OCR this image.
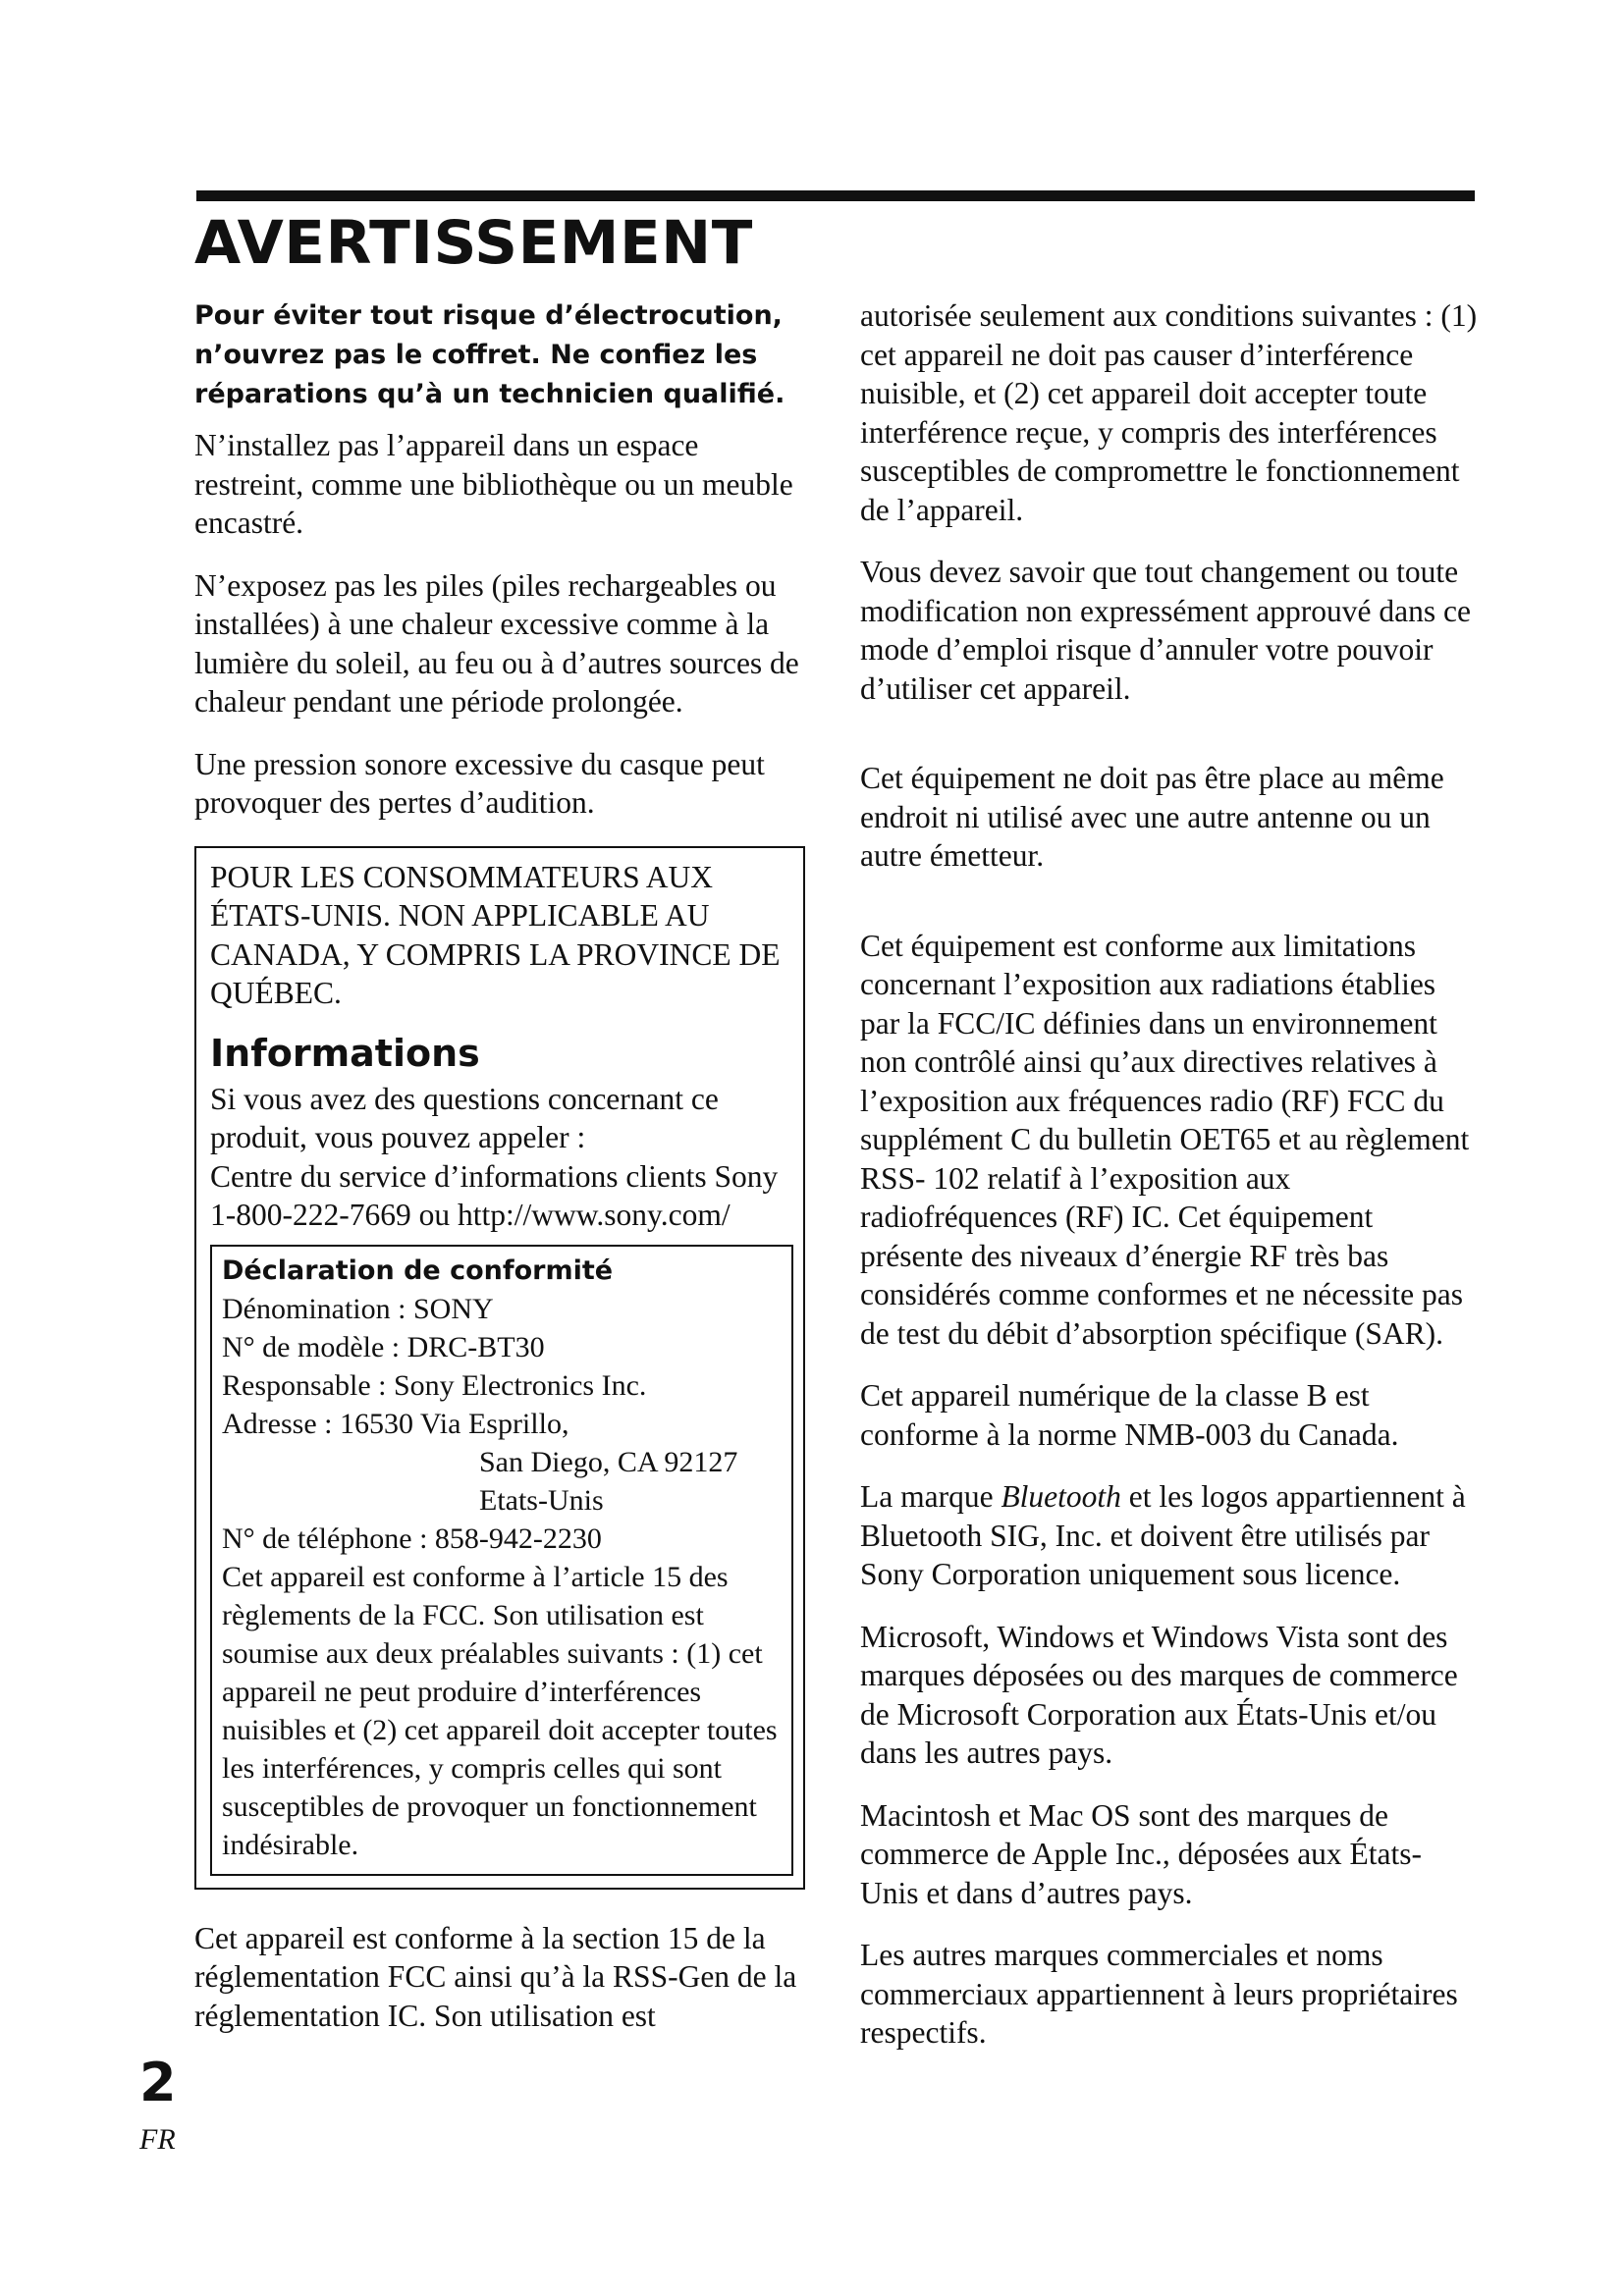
AVERTISSEMENT

Pour éviter tout risque d’électrocution, n’ouvrez pas le coffret. Ne confiez les réparations qu’à un technicien qualifié.

N’installez pas l’appareil dans un espace restreint, comme une bibliothèque ou un meuble encastré.

N’exposez pas les piles (piles rechargeables ou installées) à une chaleur excessive comme à la lumière du soleil, au feu ou à d’autres sources de chaleur pendant une période prolongée.

Une pression sonore excessive du casque peut provoquer des pertes d’audition.

POUR LES CONSOMMATEURS AUX ÉTATS-UNIS. NON APPLICABLE AU CANADA, Y COMPRIS LA PROVINCE DE QUÉBEC.

Informations

Si vous avez des questions concernant ce produit, vous pouvez appeler :

Centre du service d’informations clients Sony 1-800-222-7669 ou http://www.sony.com/

Déclaration de conformité

Dénomination : SONY

N° de modèle : DRC-BT30

Responsable : Sony Electronics Inc.

Adresse : 16530 Via Esprillo,

San Diego, CA 92127

Etats-Unis

N° de téléphone : 858-942-2230

Cet appareil est conforme à l’article 15 des règlements de la FCC. Son utilisation est soumise aux deux préalables suivants : (1) cet appareil ne peut produire d’interférences nuisibles et (2) cet appareil doit accepter toutes les interférences, y compris celles qui sont susceptibles de provoquer un fonctionnement indésirable.

Cet appareil est conforme à la section 15 de la réglementation FCC ainsi qu’à la RSS-Gen de la réglementation IC. Son utilisation est

autorisée seulement aux conditions suivantes : (1) cet appareil ne doit pas causer d’interférence nuisible, et (2) cet appareil doit accepter toute interférence reçue, y compris des interférences susceptibles de compromettre le fonctionnement de l’appareil.

Vous devez savoir que tout changement ou toute modification non expressément approuvé dans ce mode d’emploi risque d’annuler votre pouvoir d’utiliser cet appareil.

Cet équipement ne doit pas être place au même endroit ni utilisé avec une autre antenne ou un autre émetteur.

Cet équipement est conforme aux limitations concernant l’exposition aux radiations établies par la FCC/IC définies dans un environnement non contrôlé ainsi qu’aux directives relatives à l’exposition aux fréquences radio (RF) FCC du supplément C du bulletin OET65 et au règlement RSS- 102 relatif à l’exposition aux radiofréquences (RF) IC. Cet équipement présente des niveaux d’énergie RF très bas considérés comme conformes et ne nécessite pas de test du débit d’absorption spécifique (SAR).

Cet appareil numérique de la classe B est conforme à la norme NMB-003 du Canada.

La marque Bluetooth et les logos appartiennent à Bluetooth SIG, Inc. et doivent être utilisés par Sony Corporation uniquement sous licence.

Microsoft, Windows et Windows Vista sont des marques déposées ou des marques de commerce de Microsoft Corporation aux États-Unis et/ou dans les autres pays.

Macintosh et Mac OS sont des marques de commerce de Apple Inc., déposées aux États-Unis et dans d’autres pays.

Les autres marques commerciales et noms commerciaux appartiennent à leurs propriétaires respectifs.

2
FR
